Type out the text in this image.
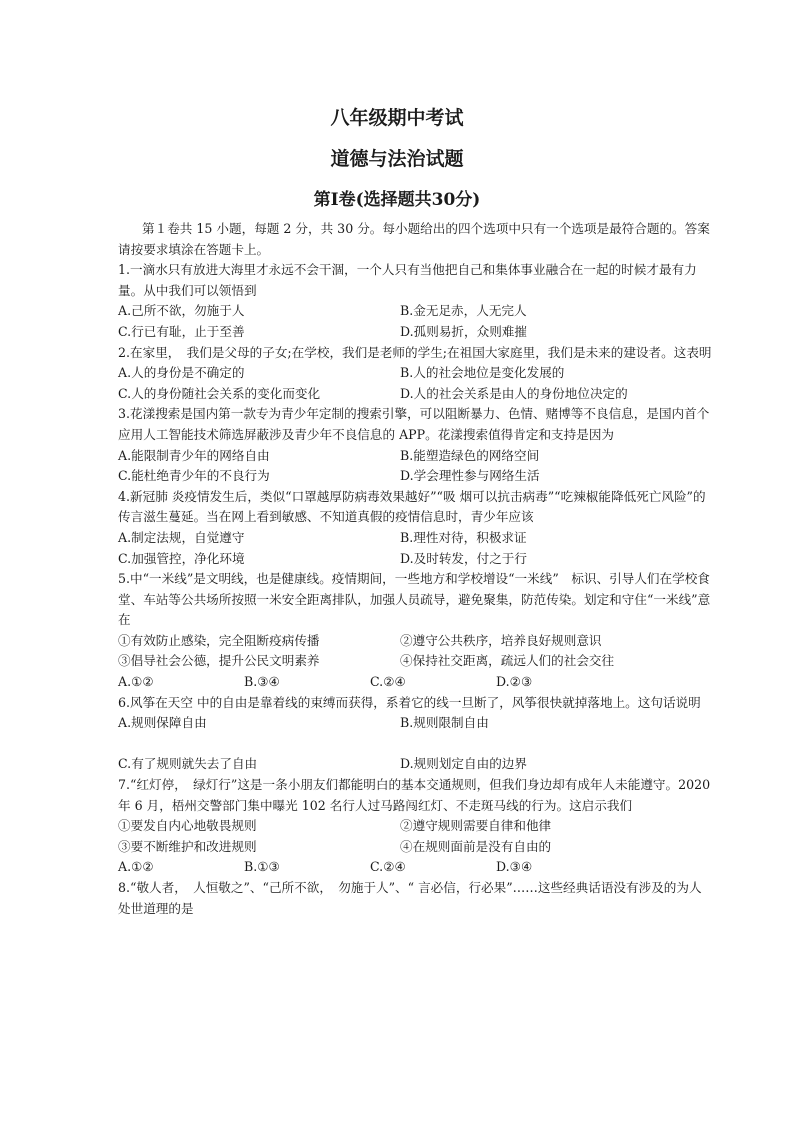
八年级期中考试
道德与法治试题
第Ⅰ卷(选择题共30分)

第１卷共 15 小题，每题 2 分，共 30 分。每小题给出的四个选项中只有一个选项是最符合题的。答案请按要求填涂在答题卡上。

1.一滴水只有放进大海里才永远不会干涸，一个人只有当他把自己和集体事业融合在一起的时候才最有力量。从中我们可以领悟到

A.己所不欲，勿施于人	B.金无足赤，人无完人
C.行已有耻，止于至善	D.孤则易折，众则难摧

2.在家里，　我们是父母的子女;在学校，我们是老师的学生;在祖国大家庭里，我们是未来的建设者。这表明

A.人的身份是不确定的	B.人的社会地位是变化发展的
C.人的身份随社会关系的变化而变化	D.人的社会关系是由人的身份地位决定的

3.花漾搜索是国内第一款专为青少年定制的搜索引擎，可以阻断暴力、色情、赌博等不良信息，是国内首个应用人工智能技术筛选屏蔽涉及青少年不良信息的 APP。花漾搜索值得肯定和支持是因为

A.能限制青少年的网络自由	B.能塑造绿色的网络空间
C.能杜绝青少年的不良行为	D.学会理性参与网络生活

4.新冠肺 炎疫情发生后，类似“口罩越厚防病毒效果越好”“吸 烟可以抗击病毒”“吃辣椒能降低死亡风险”的传言滋生蔓延。当在网上看到敏感、不知道真假的疫情信息时，青少年应该

A.制定法规，自觉遵守	B.理性对待，积极求证
C.加强管控，净化环境	D.及时转发，付之于行

5.中“一米线”是文明线，也是健康线。疫情期间，一些地方和学校增设“一米线”　标识、引导人们在学校食堂、车站等公共场所按照一米安全距离排队，加强人员疏导，避免聚集，防范传染。划定和守住“一米线”意在

①有效防止感染，完全阻断疫病传播	②遵守公共秩序，培养良好规则意识
③倡导社会公德，提升公民文明素养	④保持社交距离，疏远人们的社会交往
A.①②	B.③④	C.②④	D.②③

6.风筝在天空 中的自由是靠着线的束缚而获得，系着它的线一旦断了，风筝很快就掉落地上。这句话说明

A.规则保障自由	B.规则限制自由
C.有了规则就失去了自由	D.规则划定自由的边界

7.“红灯停，　绿灯行”这是一条小朋友们都能明白的基本交通规则，但我们身边却有成年人未能遵守。2020 年 6 月，梧州交警部门集中曝光 102 名行人过马路闯红灯、不走斑马线的行为。这启示我们

①要发自内心地敬畏规则	②遵守规则需要自律和他律
③要不断维护和改进规则	④在规则面前是没有自由的
A.①②	B.①③	C.②④	D.③④

8.“敬人者，　人恒敬之”、“己所不欲，　勿施于人”、“ 言必信，行必果”……这些经典话语没有涉及的为人处世道理的是
